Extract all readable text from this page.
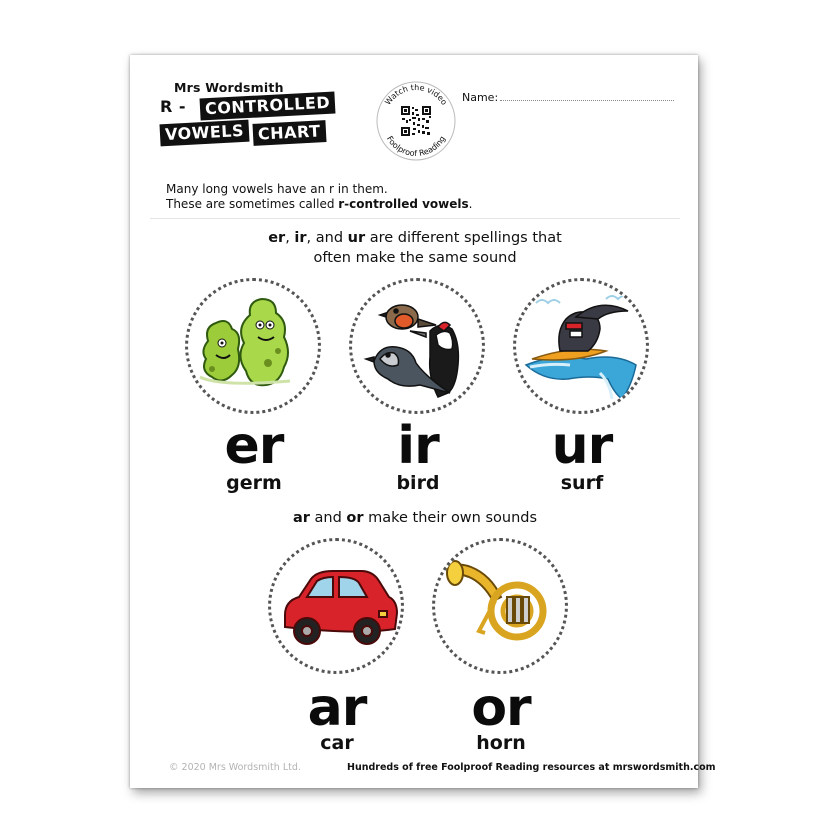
Mrs Wordsmith
R -	CONTROLLED
VOWELS CHART
Watch the video
Foolproof Reading
Name:
Many long vowels have an r in them.
These are sometimes called r-controlled vowels.
er, ir, and ur are different spellings that
often make the same sound
er
germ
ir
bird
ur
surf
ar and or make their own sounds
ar
car
or
horn
© 2020 Mrs Wordsmith Ltd.	Hundreds of free Foolproof Reading resources at mrswordsmith.com
